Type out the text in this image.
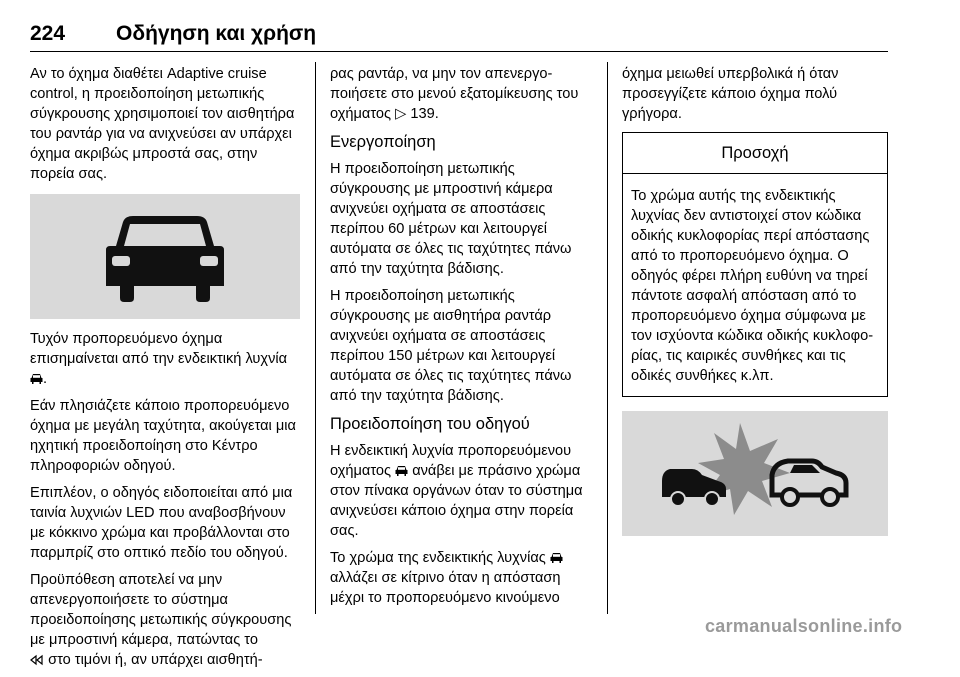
224 Οδήγηση και χρήση

Αν το όχημα διαθέτει Adaptive cruise control, η προειδοποίηση μετωπικής σύγκρουσης χρησιμοποιεί τον αισθητήρα του ραντάρ για να ανιχνεύσει αν υπάρχει όχημα ακριβώς μπροστά σας, στην πορεία σας.

Τυχόν προπορευόμενο όχημα επισημαίνεται από την ενδεικτική λυχνία .

Εάν πλησιάζετε κάποιο προπορευόμενο όχημα με μεγάλη ταχύτητα, ακούγεται μια ηχητική προειδοποίηση στο Κέντρο πληροφοριών οδηγού.

Επιπλέον, ο οδηγός ειδοποιείται από μια ταινία λυχνιών LED που αναβοσβήνουν με κόκκινο χρώμα και προβάλλονται στο παρμπρίζ στο οπτικό πεδίο του οδηγού.

Προϋπόθεση αποτελεί να μην απενεργοποιήσετε το σύστημα προειδοποίησης μετωπικής σύγκρουσης με μπροστινή κάμερα, πατώντας το
στο τιμόνι ή, αν υπάρχει αισθητή-

ρας ραντάρ, να μην τον απενεργοποιήσετε στο μενού εξατομίκευσης του οχήματος ▷ 139.

Ενεργοποίηση

Η προειδοποίηση μετωπικής σύγκρουσης με μπροστινή κάμερα ανιχνεύει οχήματα σε αποστάσεις περίπου 60 μέτρων και λειτουργεί αυτόματα σε όλες τις ταχύτητες πάνω από την ταχύτητα βάδισης.

Η προειδοποίηση μετωπικής σύγκρουσης με αισθητήρα ραντάρ ανιχνεύει οχήματα σε αποστάσεις περίπου 150 μέτρων και λειτουργεί αυτόματα σε όλες τις ταχύτητες πάνω από την ταχύτητα βάδισης.

Προειδοποίηση του οδηγού

Η ενδεικτική λυχνία προπορευόμενου οχήματος ανάβει με πράσινο χρώμα στον πίνακα οργάνων όταν το σύστημα ανιχνεύσει κάποιο όχημα στην πορεία σας.

Το χρώμα της ενδεικτικής λυχνίας  αλλάζει σε κίτρινο όταν η απόσταση μέχρι το προπορευόμενο κινούμενο

όχημα μειωθεί υπερβολικά ή όταν προσεγγίζετε κάποιο όχημα πολύ γρήγορα.

Προσοχή
Το χρώμα αυτής της ενδεικτικής λυχνίας δεν αντιστοιχεί στον κώδικα οδικής κυκλοφορίας περί απόστασης από το προπορευόμενο όχημα. Ο οδηγός φέρει πλήρη ευθύνη να τηρεί πάντοτε ασφαλή απόσταση από το προπορευόμενο όχημα σύμφωνα με τον ισχύοντα κώδικα οδικής κυκλοφορίας, τις καιρικές συνθήκες και τις οδικές συνθήκες κ.λπ.
carmanualsonline.info
